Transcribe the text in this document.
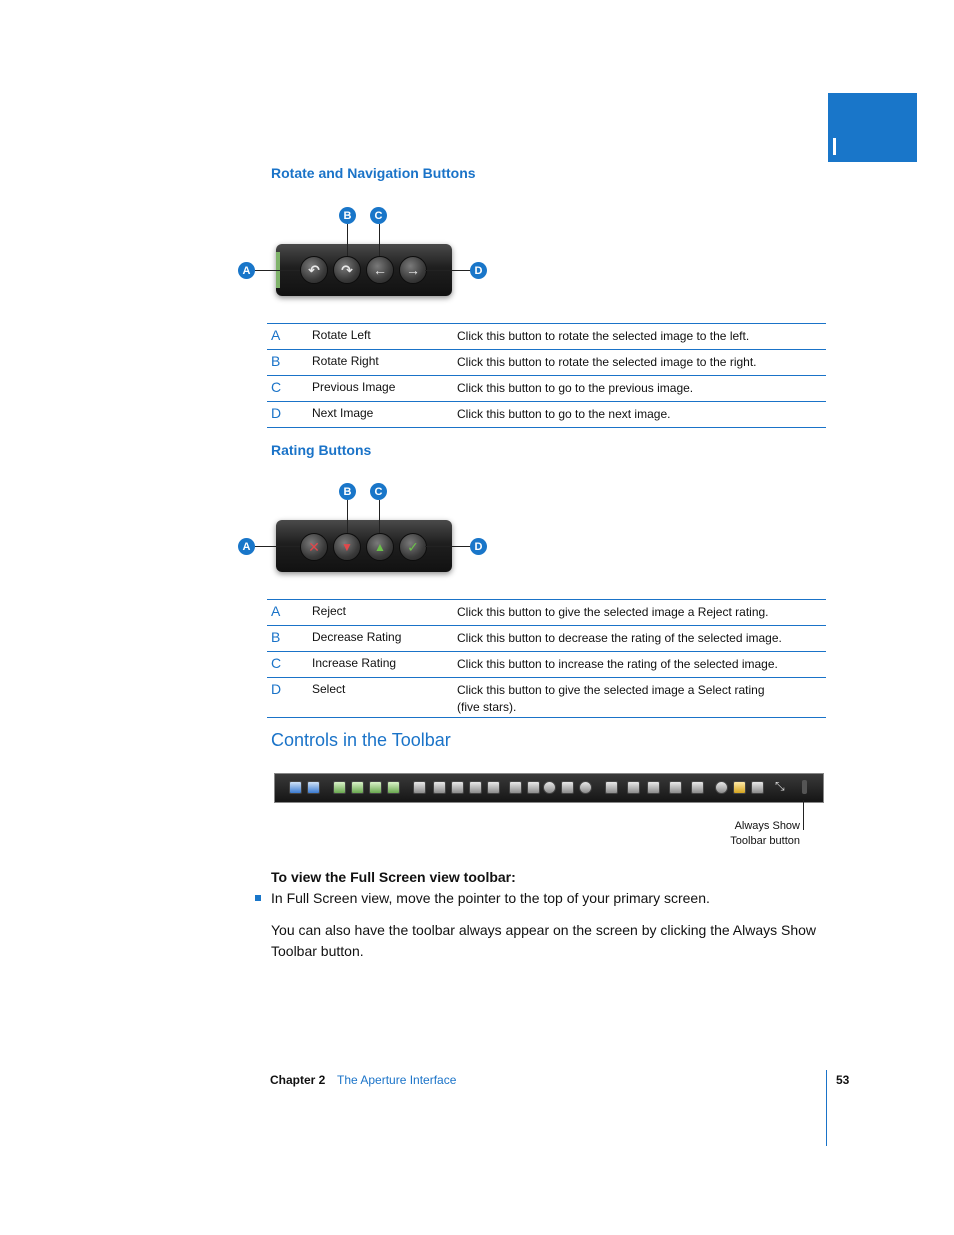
Rotate and Navigation Buttons
↶	↷	←	→
A
B	C
D
A	Rotate Left	Click this button to rotate the selected image to the left.
B	Rotate Right	Click this button to rotate the selected image to the right.
C	Previous Image	Click this button to go to the previous image.
D	Next Image	Click this button to go to the next image.
Rating Buttons
✕	▼	▲	✓
A
B	C
D
A	Reject	Click this button to give the selected image a Reject rating.
B	Decrease Rating	Click this button to decrease the rating of the selected image.
C	Increase Rating	Click this button to increase the rating of the selected image.
D	Select	Click this button to give the selected image a Select rating (five stars).
Controls in the Toolbar
⤡
Always Show
Toolbar button
To view the Full Screen view toolbar:
In Full Screen view, move the pointer to the top of your primary screen.
You can also have the toolbar always appear on the screen by clicking the Always Show Toolbar button.
Chapter 2 The Aperture Interface	53
